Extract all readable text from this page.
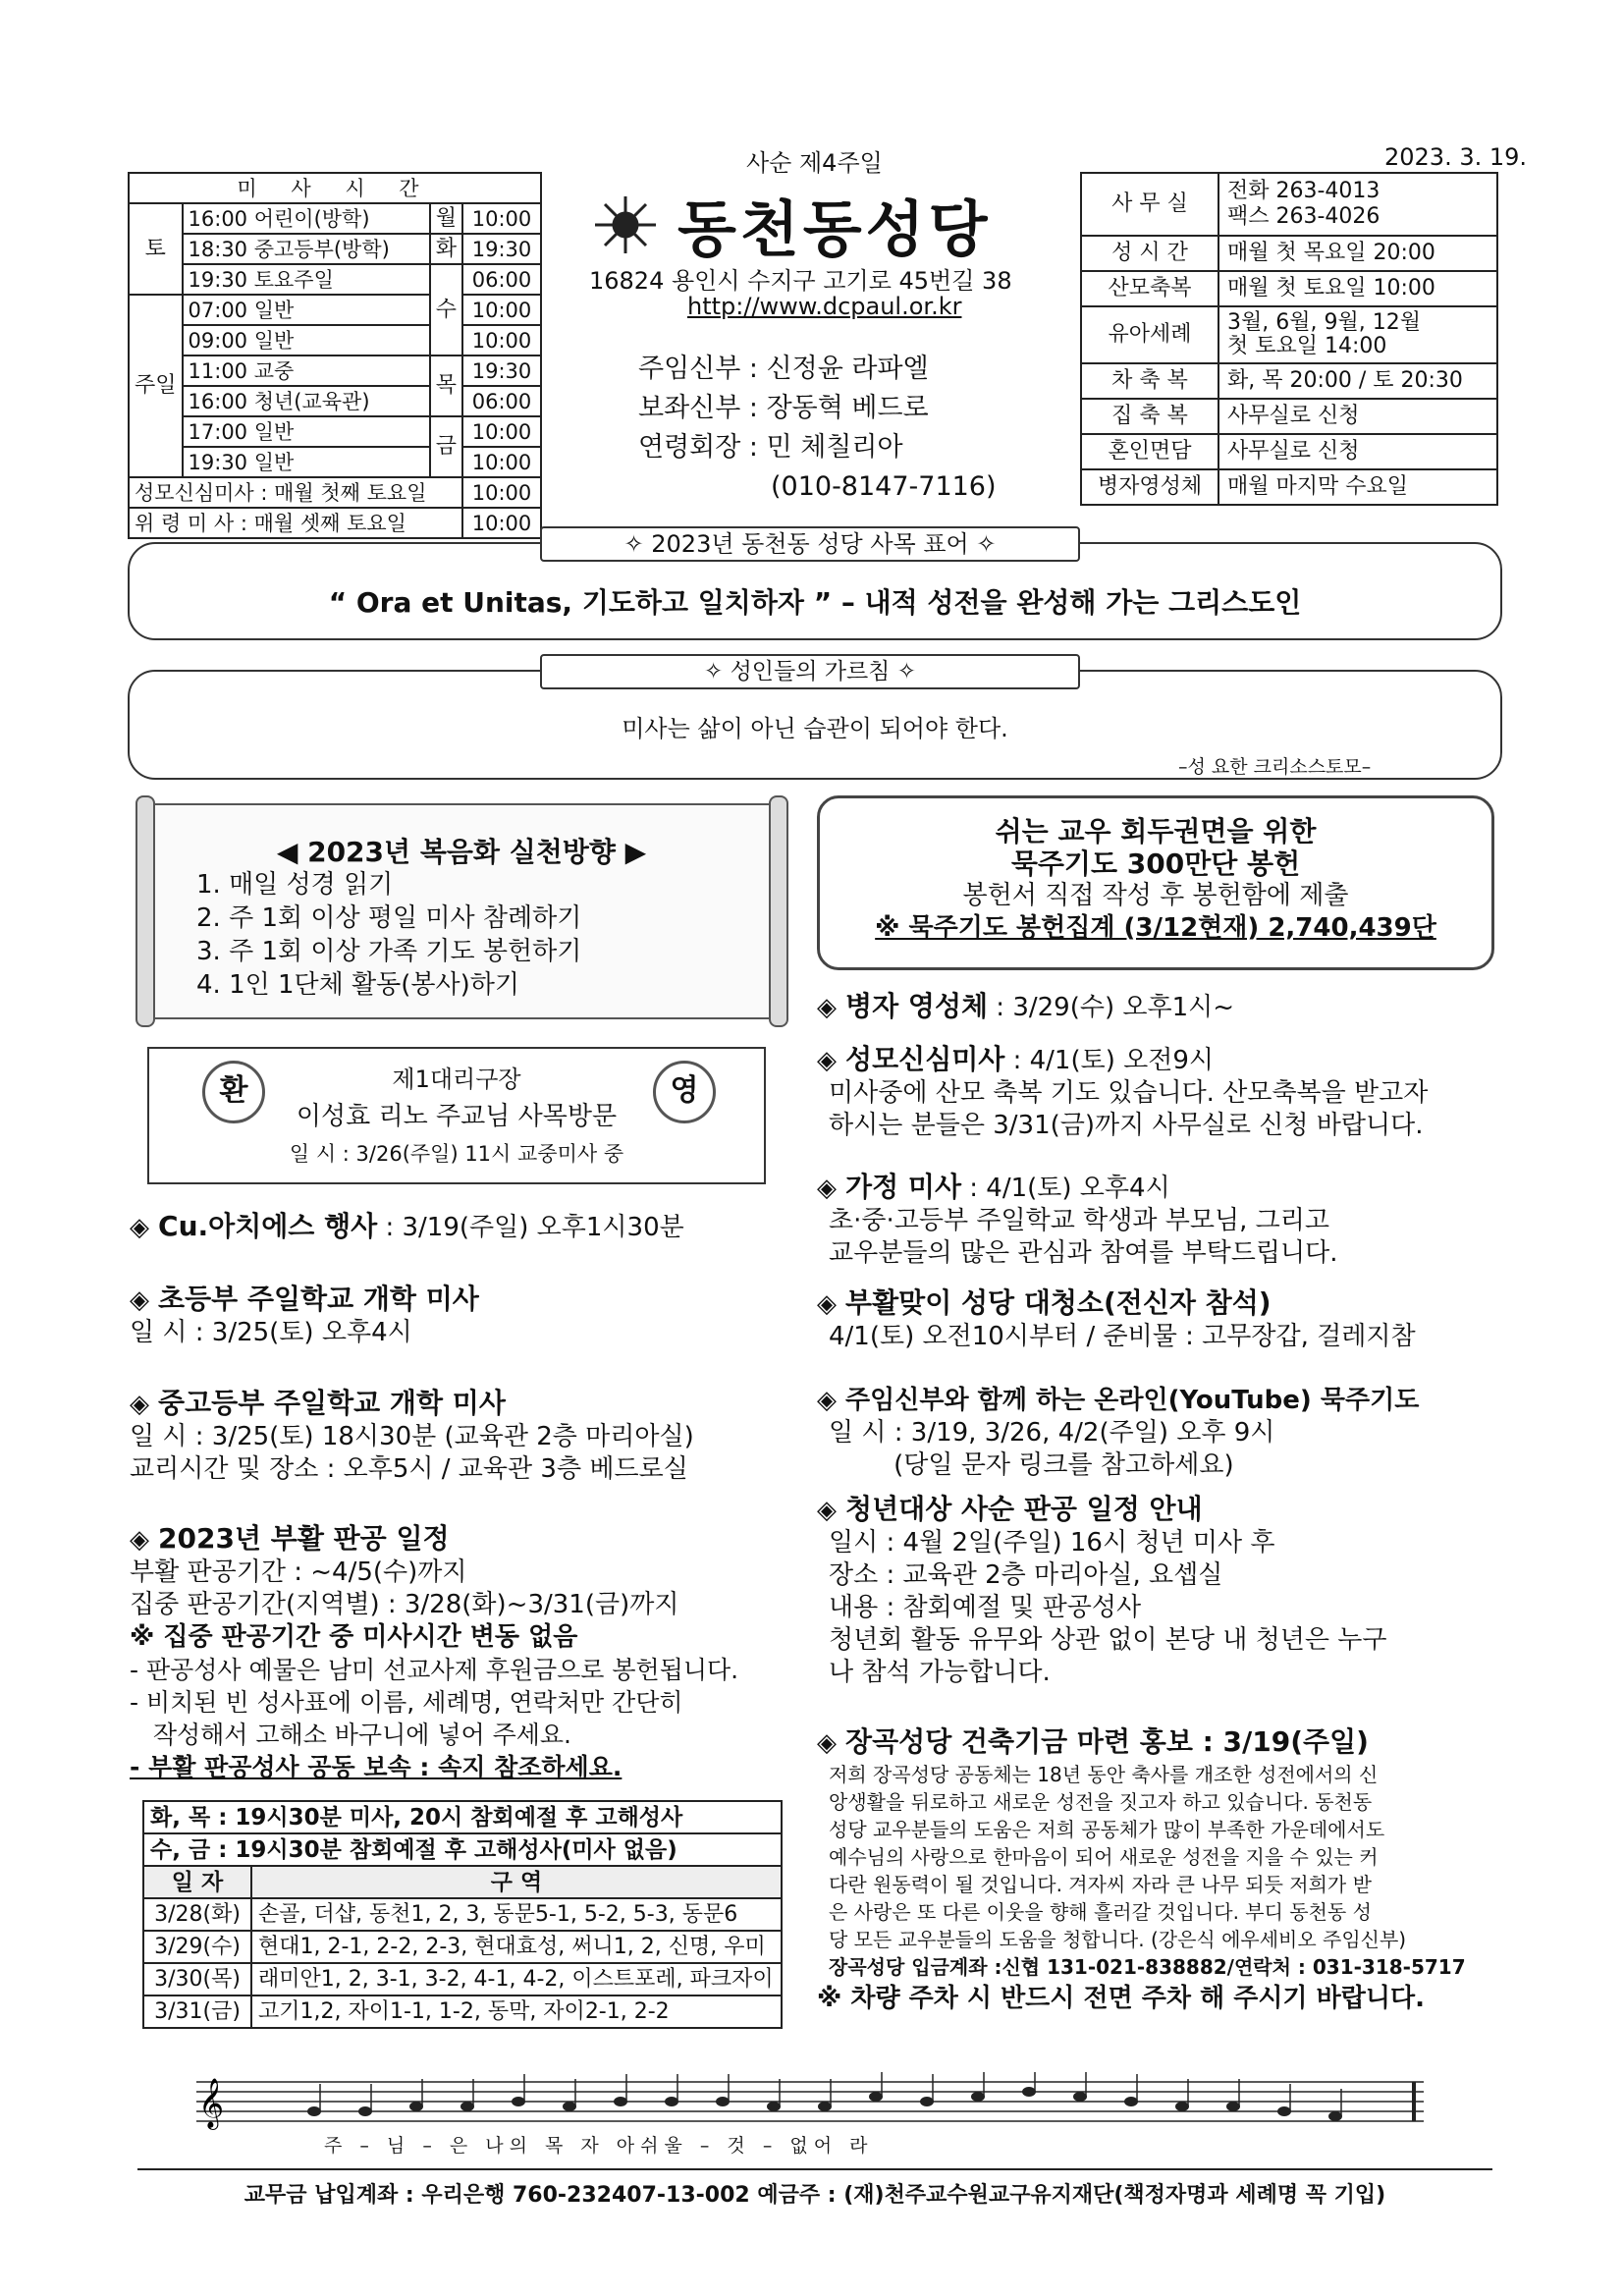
사순 제4주일	2023. 3. 19.
미 사 시 간			
토	16:00 어린이(방학)	월	10:00
	18:30 중고등부(방학)	화	19:30
	19:30 토요주일	수	06:00
주일	07:00 일반		10:00
	09:00 일반		10:00
	11:00 교중	목	19:30
	16:00 청년(교육관)		06:00
	17:00 일반	금	10:00
	19:30 일반		10:00
성모신심미사 : 매월 첫째 토요일			10:00
위 령 미 사 : 매월 셋째 토요일			10:00
동천동성당
16824 용인시 수지구 고기로 45번길 38
http://www.dcpaul.or.kr
주임신부 : 신정윤 라파엘
보좌신부 : 장동혁 베드로
연령회장 : 민 체칠리아
(010-8147-7116)
사 무 실	전화 263-4013
팩스 263-4026
성 시 간	매월 첫 목요일 20:00
산모축복	매월 첫 토요일 10:00
유아세례	3월, 6월, 9월, 12월
첫 토요일 14:00
차 축 복	화, 목 20:00 / 토 20:30
집 축 복	사무실로 신청
혼인면담	사무실로 신청
병자영성체	매월 마지막 수요일
✧ 2023년 동천동 성당 사목 표어 ✧
“ Ora et Unitas, 기도하고 일치하자 ” – 내적 성전을 완성해 가는 그리스도인
✧ 성인들의 가르침 ✧
미사는 삶이 아닌 습관이 되어야 한다.
–성 요한 크리소스토모–
◀ 2023년 복음화 실천방향 ▶
1. 매일 성경 읽기
2. 주 1회 이상 평일 미사 참례하기
3. 주 1회 이상 가족 기도 봉헌하기
4. 1인 1단체 활동(봉사)하기
쉬는 교우 회두권면을 위한
묵주기도 300만단 봉헌
봉헌서 직접 작성 후 봉헌함에 제출
※ 묵주기도 봉헌집계 (3/12현재) 2,740,439단
환	영
제1대리구장
이성효 리노 주교님 사목방문
일 시 : 3/26(주일) 11시 교중미사 중
◈ Cu.아치에스 행사 : 3/19(주일) 오후1시30분
◈ 초등부 주일학교 개학 미사
일 시 : 3/25(토) 오후4시
◈ 중고등부 주일학교 개학 미사
일 시 : 3/25(토) 18시30분 (교육관 2층 마리아실)
교리시간 및 장소 : 오후5시 / 교육관 3층 베드로실
◈ 2023년 부활 판공 일정
부활 판공기간 : ~4/5(수)까지
집중 판공기간(지역별) : 3/28(화)~3/31(금)까지
※ 집중 판공기간 중 미사시간 변동 없음
- 판공성사 예물은 남미 선교사제 후원금으로 봉헌됩니다.
- 비치된 빈 성사표에 이름, 세례명, 연락처만 간단히
작성해서 고해소 바구니에 넣어 주세요.
- 부활 판공성사 공동 보속 : 속지 참조하세요.
화, 목 : 19시30분 미사, 20시 참회예절 후 고해성사	
수, 금 : 19시30분 참회예절 후 고해성사(미사 없음)	
일 자	구 역
3/28(화)	손골, 더샵, 동천1, 2, 3, 동문5-1, 5-2, 5-3, 동문6
3/29(수)	현대1, 2-1, 2-2, 2-3, 현대효성, 써니1, 2, 신명, 우미
3/30(목)	래미안1, 2, 3-1, 3-2, 4-1, 4-2, 이스트포레, 파크자이
3/31(금)	고기1,2, 자이1-1, 1-2, 동막, 자이2-1, 2-2
◈ 병자 영성체 : 3/29(수) 오후1시~
◈ 성모신심미사 : 4/1(토) 오전9시
미사중에 산모 축복 기도 있습니다. 산모축복을 받고자
하시는 분들은 3/31(금)까지 사무실로 신청 바랍니다.
◈ 가정 미사 : 4/1(토) 오후4시
초·중·고등부 주일학교 학생과 부모님, 그리고
교우분들의 많은 관심과 참여를 부탁드립니다.
◈ 부활맞이 성당 대청소(전신자 참석)
4/1(토) 오전10시부터 / 준비물 : 고무장갑, 걸레지참
◈ 주임신부와 함께 하는 온라인(YouTube) 묵주기도
일 시 : 3/19, 3/26, 4/2(주일) 오후 9시
(당일 문자 링크를 참고하세요)
◈ 청년대상 사순 판공 일정 안내
일시 : 4월 2일(주일) 16시 청년 미사 후
장소 : 교육관 2층 마리아실, 요셉실
내용 : 참회예절 및 판공성사
청년회 활동 유무와 상관 없이 본당 내 청년은 누구
나 참석 가능합니다.
◈ 장곡성당 건축기금 마련 홍보 : 3/19(주일)
저희 장곡성당 공동체는 18년 동안 축사를 개조한 성전에서의 신
앙생활을 뒤로하고 새로운 성전을 짓고자 하고 있습니다. 동천동
성당 교우분들의 도움은 저희 공동체가 많이 부족한 가운데에서도
예수님의 사랑으로 한마음이 되어 새로운 성전을 지을 수 있는 커
다란 원동력이 될 것입니다. 겨자씨 자라 큰 나무 되듯 저희가 받
은 사랑은 또 다른 이웃을 향해 흘러갈 것입니다. 부디 동천동 성
당 모든 교우분들의 도움을 청합니다. (강은식 에우세비오 주임신부)
장곡성당 입금계좌 :신협 131-021-838882/연락처 : 031-318-5717
※ 차량 주차 시 반드시 전면 주차 해 주시기 바랍니다.
𝄞
주 – 님 – 은 나의 목 자 아쉬울 – 것 – 없어 라
교무금 납입계좌 : 우리은행 760-232407-13-002 예금주 : (재)천주교수원교구유지재단(책정자명과 세례명 꼭 기입)
